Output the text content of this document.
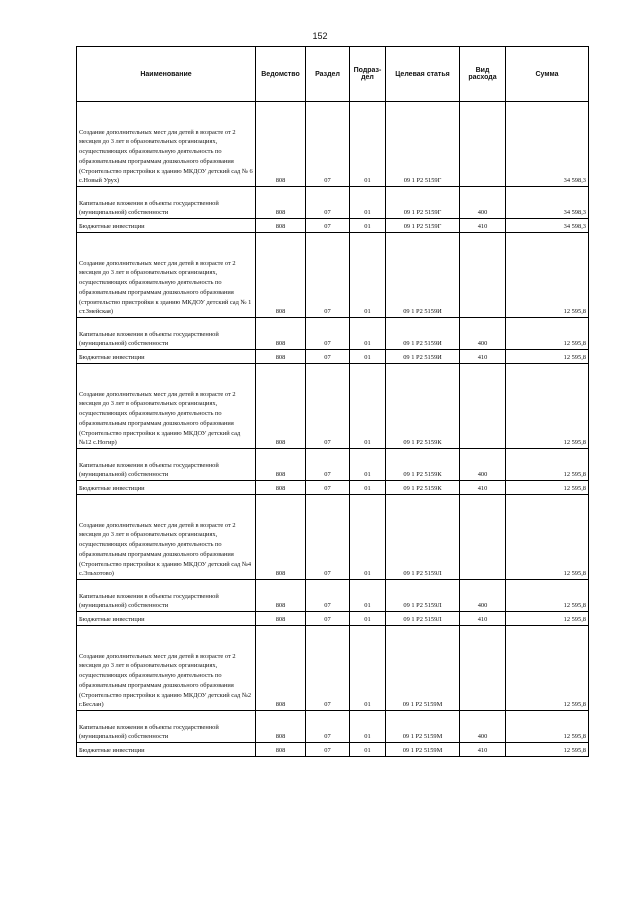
152
Наименование	Ведомство	Раздел	Подраз-дел	Целевая статья	Вид расхода	Сумма
Создание дополнительных мест для детей в возрасте от 2 месяцев до 3 лет в образовательных организациях, осуществляющих образовательную деятельность по образовательным программам дошкольного образования (Строительство пристройки к зданию МКДОУ детский сад № 6 с.Новый Урух)	808	07	01	09 1 P2 5159Г		34 598,3
Капитальные вложения в объекты государственной (муниципальной) собственности	808	07	01	09 1 P2 5159Г	400	34 598,3
Бюджетные инвестиции	808	07	01	09 1 P2 5159Г	410	34 598,3
Создание дополнительных мест для детей в возрасте от 2 месяцев до 3 лет в образовательных организациях, осуществляющих образовательную деятельность по образовательным программам дошкольного образования (строительство пристройки к зданию МКДОУ детский сад № 1 ст.Змейская)	808	07	01	09 1 P2 5159И		12 595,8
Капитальные вложения в объекты государственной (муниципальной) собственности	808	07	01	09 1 P2 5159И	400	12 595,8
Бюджетные инвестиции	808	07	01	09 1 P2 5159И	410	12 595,8
Создание дополнительных мест для детей в возрасте от 2 месяцев до 3 лет в образовательных организациях, осуществляющих образовательную деятельность по образовательным программам дошкольного образования (Строительство пристройки к зданию МКДОУ детский сад №12 с.Ногир)	808	07	01	09 1 P2 5159К		12 595,8
Капитальные вложения в объекты государственной (муниципальной) собственности	808	07	01	09 1 P2 5159К	400	12 595,8
Бюджетные инвестиции	808	07	01	09 1 P2 5159К	410	12 595,8
Создание дополнительных мест для детей в возрасте от 2 месяцев до 3 лет в образовательных организациях, осуществляющих образовательную деятельность по образовательным программам дошкольного образования (Строительство пристройки к зданию МКДОУ детский сад №4 с.Эльхотово)	808	07	01	09 1 P2 5159Л		12 595,8
Капитальные вложения в объекты государственной (муниципальной) собственности	808	07	01	09 1 P2 5159Л	400	12 595,8
Бюджетные инвестиции	808	07	01	09 1 P2 5159Л	410	12 595,8
Создание дополнительных мест для детей в возрасте от 2 месяцев до 3 лет в образовательных организациях, осуществляющих образовательную деятельность по образовательным программам дошкольного образования (Строительство пристройки к зданию МКДОУ детский сад №2 г.Беслан)	808	07	01	09 1 P2 5159М		12 595,8
Капитальные вложения в объекты государственной (муниципальной) собственности	808	07	01	09 1 P2 5159М	400	12 595,8
Бюджетные инвестиции	808	07	01	09 1 P2 5159М	410	12 595,8
